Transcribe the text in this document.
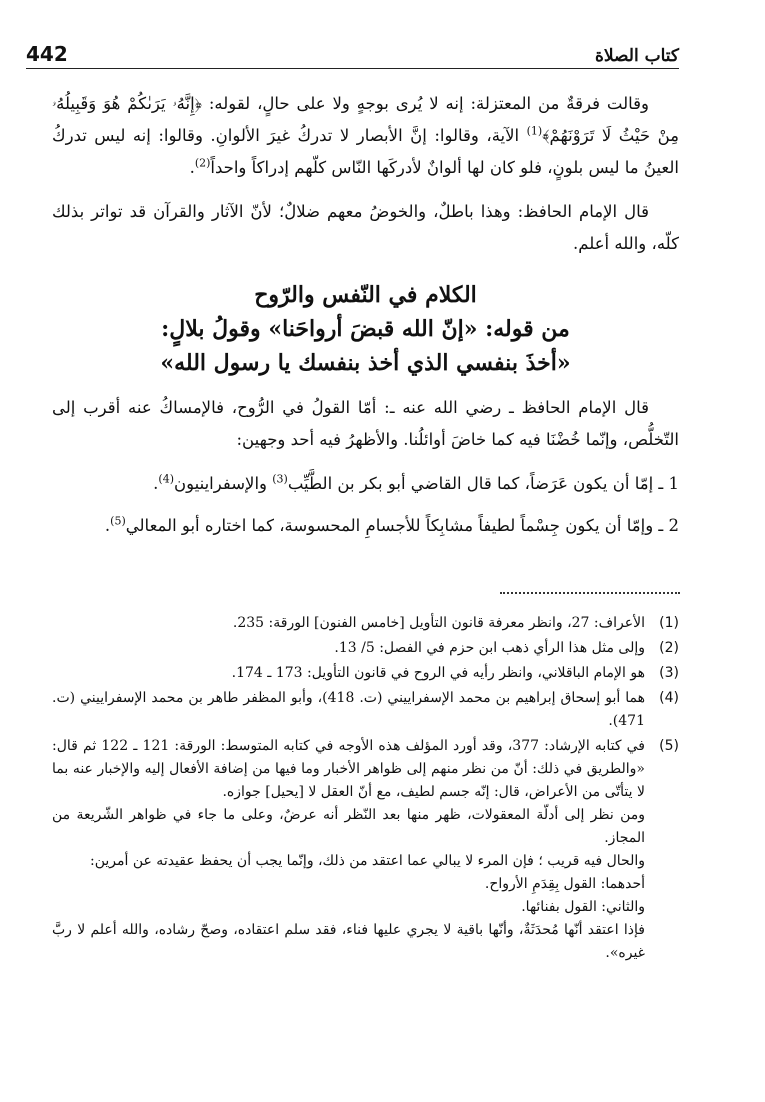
كتاب الصلاة
442

وقالت فرقةٌ من المعتزلة: إنه لا يُرى بوجهٍ ولا على حالٍ، لقوله: ﴿إِنَّهُۥ يَرَىٰكُمْ هُوَ وَقَبِيلُهُۥ مِنْ حَيْثُ لَا تَرَوْنَهُمْ﴾$^{(1)}$ الآية، وقالوا: إنَّ الأبصار لا تدركُ غيرَ الألوانِ. وقالوا: إنه ليس تدركُ العينُ ما ليس بلونٍ، فلو كان لها ألوانٌ لأدركَها النّاس كلّهم إدراكاً واحداً$^{(2)}$.

قال الإمام الحافظ: وهذا باطلٌ، والخوضُ معهم ضلالٌ؛ لأنّ الآثار والقرآن قد تواتر بذلك كلّه، والله أعلم.

الكلام في النّفس والرّوح
من قوله: «إنّ الله قبضَ أرواحَنا» وقولُ بلالٍ:
«أخذَ بنفسي الذي أخذ بنفسك يا رسول الله»

قال الإمام الحافظ ـ رضي الله عنه ـ: أمّا القولُ في الرُّوح، فالإمساكُ عنه أقرب إلى التّخلُّص، وإنّما خُضْنَا فيه كما خاضَ أوائلُنا. والأظهرُ فيه أحد وجهين:

1 ـ إمّا أن يكون عَرَضاً، كما قال القاضي أبو بكر بن الطَّيِّب$^{(3)}$ والإسفراينيون$^{(4)}$.

2 ـ وإمّا أن يكون جِسْماً لطيفاً مشابِكاً للأجسامِ المحسوسة، كما اختاره أبو المعالي$^{(5)}$.

(1)

الأعراف: 27، وانظر معرفة قانون التأويل [خامس الفنون] الورقة: 235.

(2)

وإلى مثل هذا الرأي ذهب ابن حزم في الفصل: 5/ 13.

(3)

هو الإمام الباقلاني، وانظر رأيه في الروح في قانون التأويل: 173 ـ 174.

(4)

هما أبو إسحاق إبراهيم بن محمد الإسفراييني (ت. 418)، وأبو المظفر طاهر بن محمد الإسفراييني (ت. 471).

(5)

في كتابه الإرشاد: 377، وقد أورد المؤلف هذه الأوجه في كتابه المتوسط: الورقة: 121 ـ 122 ثم قال: «والطريق في ذلك: أنّ من نظر منهم إلى ظواهر الأخبار وما فيها من إضافة الأفعال إليه والإخبار عنه بما لا يتأتّى من الأعراض، قال: إنّه جسم لطيف، مع أنّ العقل لا [يحيل] جوازه.

ومن نظر إلى أدلّة المعقولات، ظهر منها بعد النّظر أنه عرضٌ، وعلى ما جاء في ظواهر الشّريعة من المجاز.

والحال فيه قريب ؛ فإن المرء لا يبالي عما اعتقد من ذلك، وإنّما يجب أن يحفظ عقيدته عن أمرين:

أحدهما: القول بِقِدَمِ الأرواح.

والثاني: القول بفنائها.

فإذا اعتقد أنّها مُحدَثَةٌ، وأنّها باقية لا يجري عليها فناء، فقد سلم اعتقاده، وصحّ رشاده، والله أعلم لا ربَّ غيره».
